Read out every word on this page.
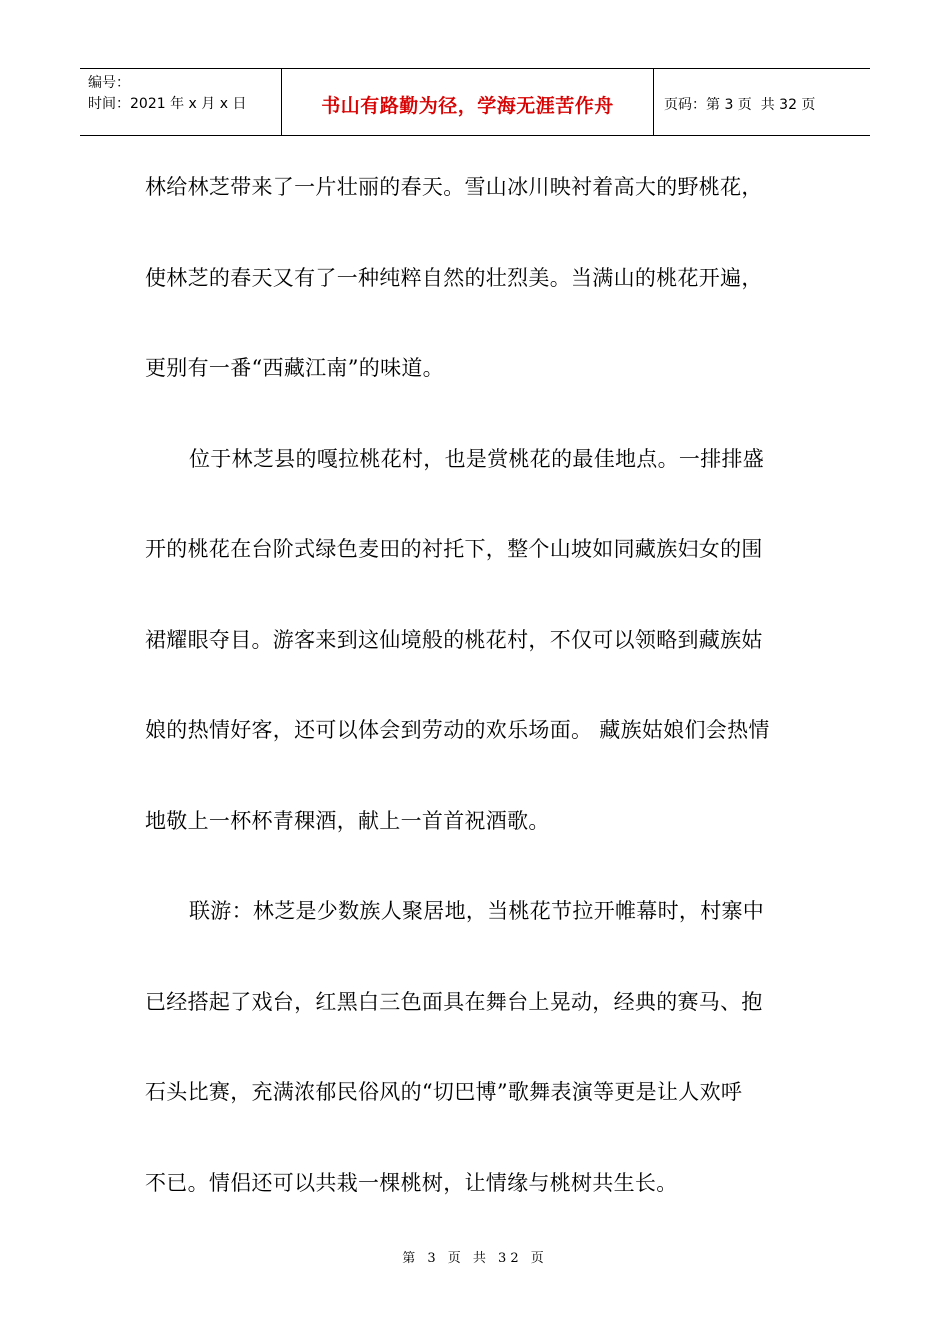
编号：
时间：2021 年 x 月 x 日	书山有路勤为径，学海无涯苦作舟	页码：第 3 页  共 32 页
林给林芝带来了一片壮丽的春天。雪山冰川映衬着高大的野桃花，
使林芝的春天又有了一种纯粹自然的壮烈美。当满山的桃花开遍，
更别有一番“西藏江南”的味道。
位于林芝县的嘎拉桃花村，也是赏桃花的最佳地点。一排排盛
开的桃花在台阶式绿色麦田的衬托下，整个山坡如同藏族妇女的围
裙耀眼夺目。游客来到这仙境般的桃花村，不仅可以领略到藏族姑
娘的热情好客，还可以体会到劳动的欢乐场面。 藏族姑娘们会热情
地敬上一杯杯青稞酒，献上一首首祝酒歌。
联游：林芝是少数族人聚居地，当桃花节拉开帷幕时，村寨中
已经搭起了戏台，红黑白三色面具在舞台上晃动，经典的赛马、抱
石头比赛，充满浓郁民俗风的“切巴博”歌舞表演等更是让人欢呼
不已。情侣还可以共栽一棵桃树，让情缘与桃树共生长。
第 3 页 共 32 页
